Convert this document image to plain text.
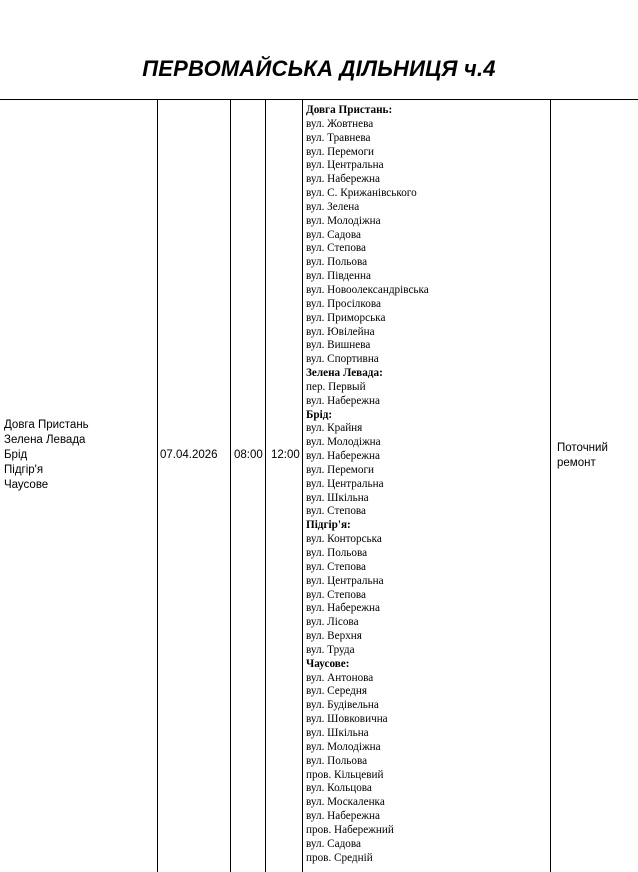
ПЕРВОМАЙСЬКА ДІЛЬНИЦЯ ч.4
Довга Пристань
Зелена Левада
Брід
Підгір'я
Чаусове
07.04.2026 08:00 12:00
Поточний
ремонт
Довга Пристань:
вул. Жовтнева
вул. Травнева
вул. Перемоги
вул. Центральна
вул. Набережна
вул. С. Крижанівського
вул. Зелена
вул. Молодіжна
вул. Садова
вул. Степова
вул. Польова
вул. Південна
вул. Новоолександрівська
вул. Просілкова
вул. Приморська
вул. Ювілейна
вул. Вишнева
вул. Спортивна
Зелена Левада:
пер. Первый
вул. Набережна
Брід:
вул. Крайня
вул. Молодіжна
вул. Набережна
вул. Перемоги
вул. Центральна
вул. Шкільна
вул. Степова
Підгір'я:
вул. Конторська
вул. Польова
вул. Степова
вул. Центральна
вул. Степова
вул. Набережна
вул. Лісова
вул. Верхня
вул. Труда
Чаусове:
вул. Антонова
вул. Середня
вул. Будівельна
вул. Шовковична
вул. Шкільна
вул. Молодіжна
вул. Польова
пров. Кільцевий
вул. Кольцова
вул. Москаленка
вул. Набережна
пров. Набережний
вул. Садова
пров. Средній
